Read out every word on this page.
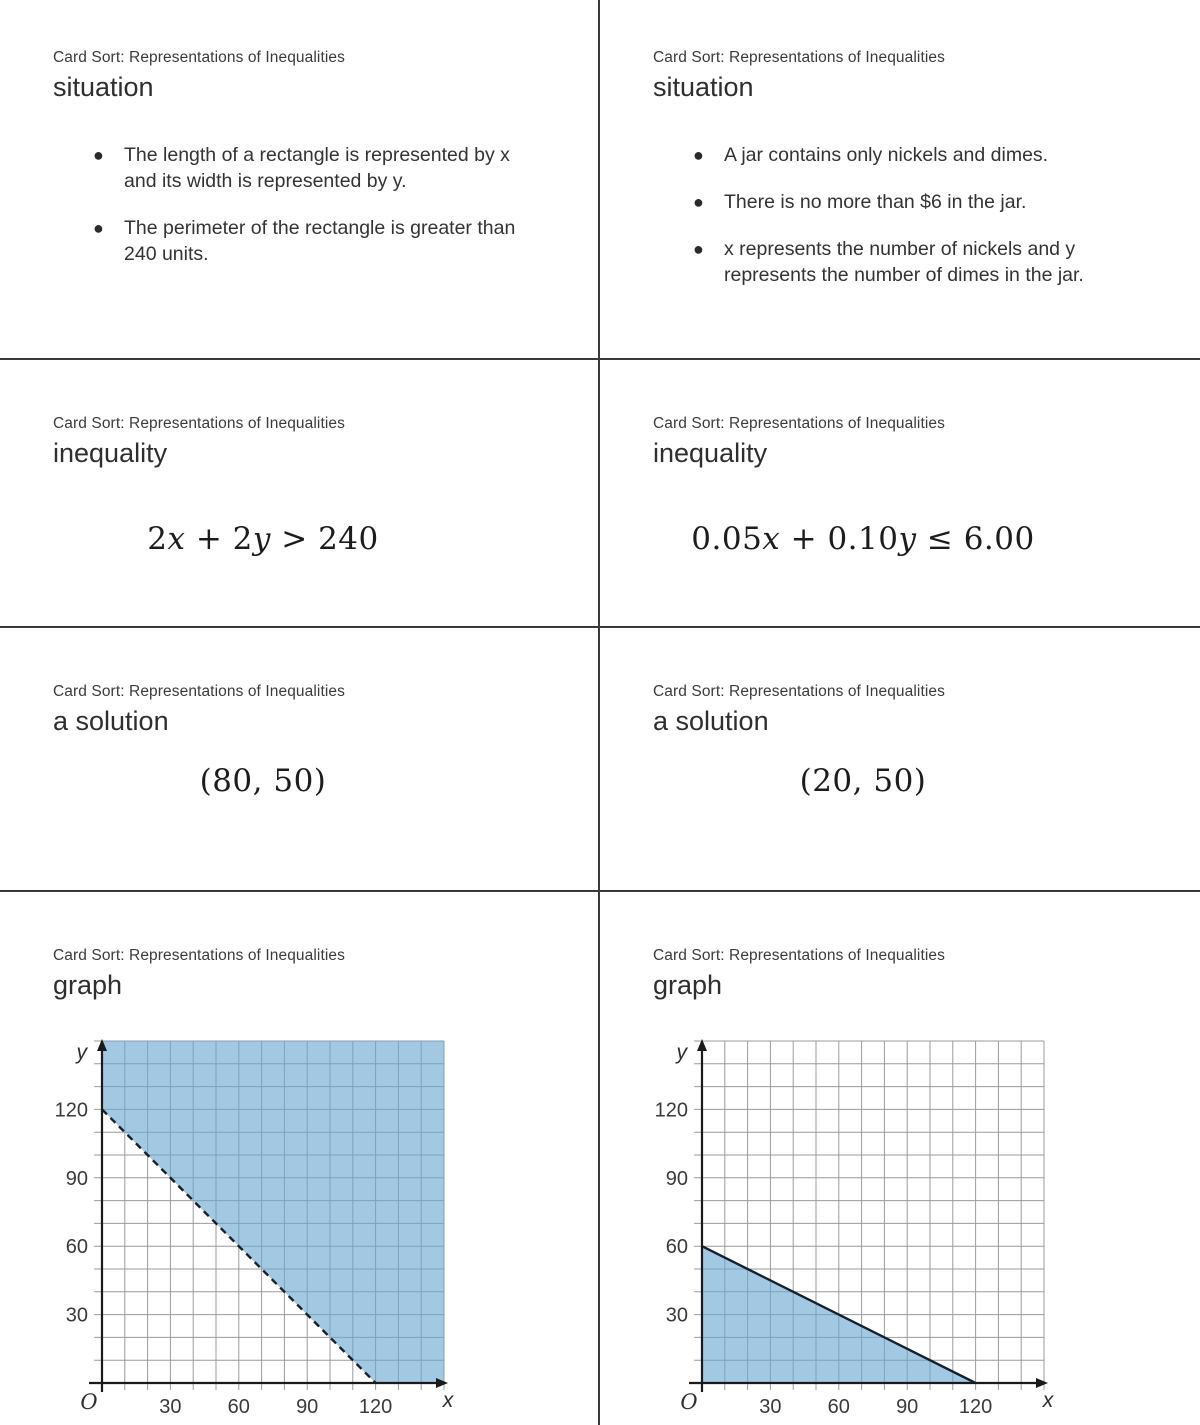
Card Sort: Representations of Inequalities

situation
●	The length of a rectangle is represented by x and its width is represented by y.
●	The perimeter of the rectangle is greater than 240 units.

Card Sort: Representations of Inequalities

situation
●	A jar contains only nickels and dimes.
●	There is no more than $6 in the jar.
●	x represents the number of nickels and y represents the number of dimes in the jar.

Card Sort: Representations of Inequalities

inequality
2x + 2y > 240

Card Sort: Representations of Inequalities

inequality
0.05x + 0.10y ≤ 6.00

Card Sort: Representations of Inequalities

a solution
(80, 50)

Card Sort: Representations of Inequalities

a solution
(20, 50)

Card Sort: Representations of Inequalities

graph
30
60
90
120
30 60 90 120
y
x
O

Card Sort: Representations of Inequalities

graph
30
60
90
120
30 60 90 120
y
x
O
